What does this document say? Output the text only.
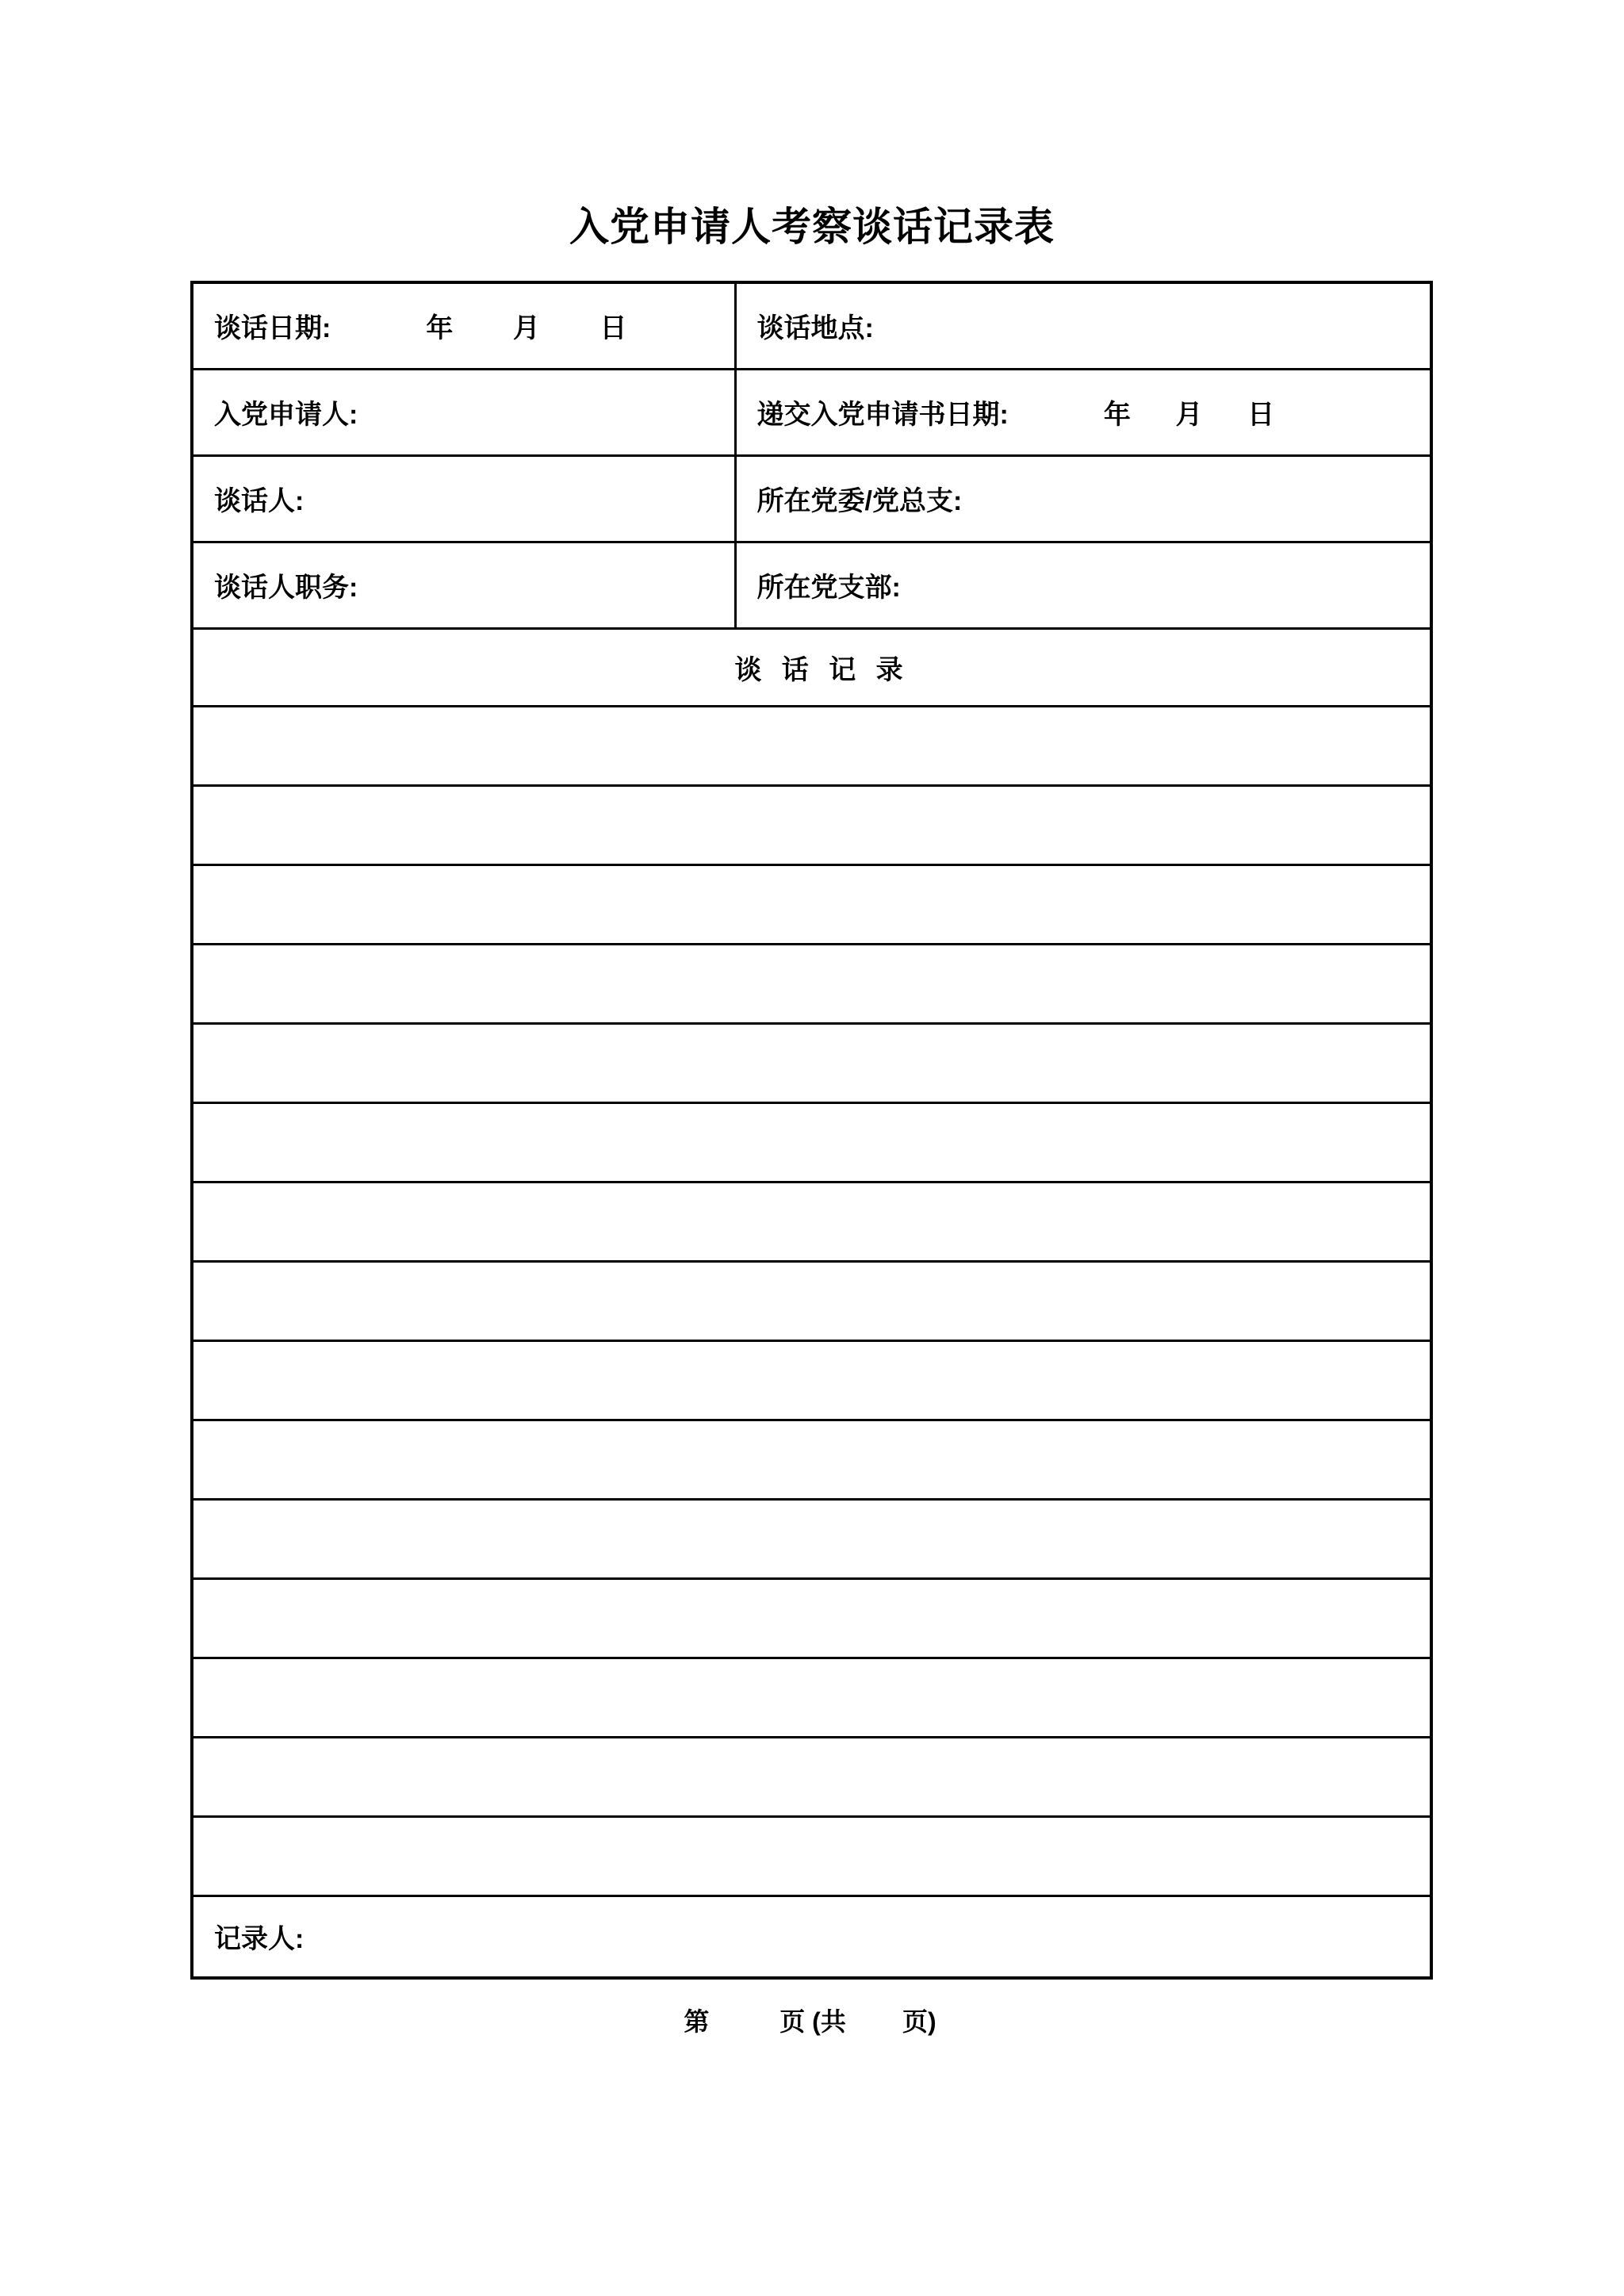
入党申请人考察谈话记录表
谈话日期: 年        月        日	谈话地点:
入党申请人:	递交入党申请书日期: 年      月      日
谈话人:	所在党委/党总支:
谈话人职务:	所在党支部:
谈 话 记 录	

记录人:	
第          页 (共        页)
